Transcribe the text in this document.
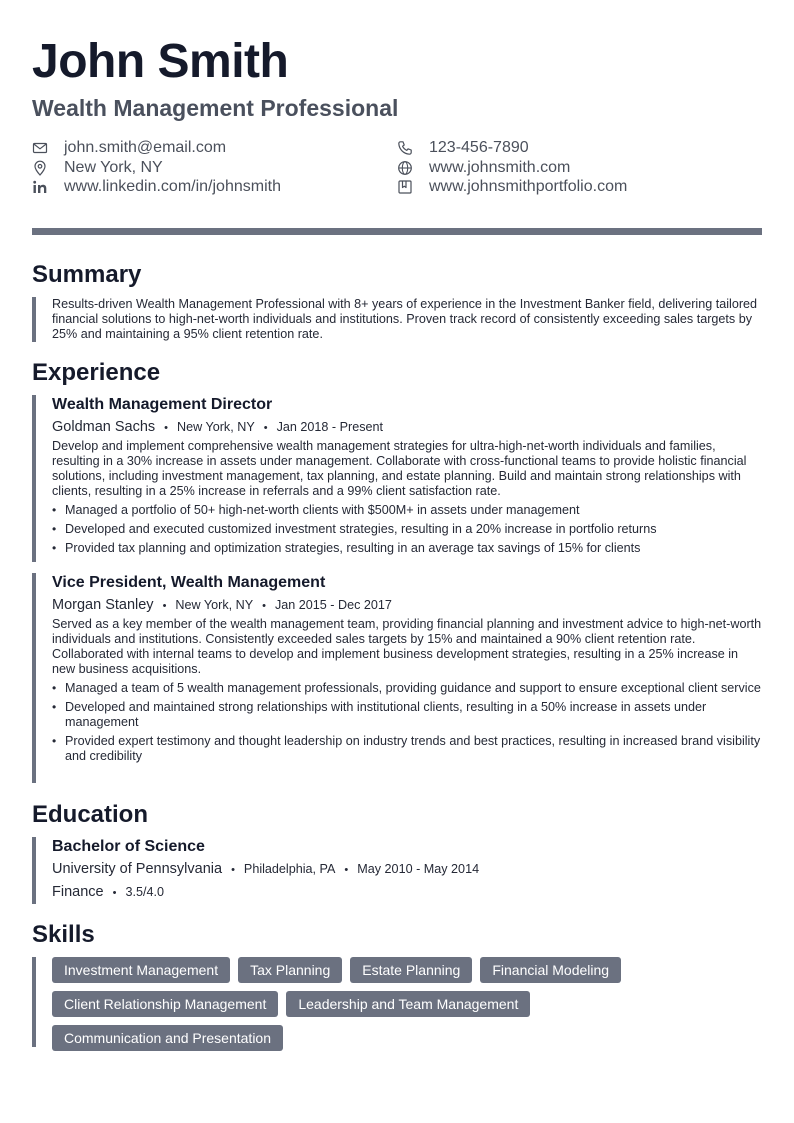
John Smith
Wealth Management Professional
john.smith@email.com
New York, NY
www.linkedin.com/in/johnsmith
123-456-7890
www.johnsmith.com
www.johnsmithportfolio.com
Summary
Results-driven Wealth Management Professional with 8+ years of experience in the Investment Banker field, delivering tailored financial solutions to high-net-worth individuals and institutions. Proven track record of consistently exceeding sales targets by 25% and maintaining a 95% client retention rate.
Experience
Wealth Management Director
Goldman Sachs • New York, NY • Jan 2018 - Present
Develop and implement comprehensive wealth management strategies for ultra-high-net-worth individuals and families, resulting in a 30% increase in assets under management. Collaborate with cross-functional teams to provide holistic financial solutions, including investment management, tax planning, and estate planning. Build and maintain strong relationships with clients, resulting in a 25% increase in referrals and a 99% client satisfaction rate.
• Managed a portfolio of 50+ high-net-worth clients with $500M+ in assets under management
• Developed and executed customized investment strategies, resulting in a 20% increase in portfolio returns
• Provided tax planning and optimization strategies, resulting in an average tax savings of 15% for clients
Vice President, Wealth Management
Morgan Stanley • New York, NY • Jan 2015 - Dec 2017
Served as a key member of the wealth management team, providing financial planning and investment advice to high-net-worth individuals and institutions. Consistently exceeded sales targets by 15% and maintained a 90% client retention rate. Collaborated with internal teams to develop and implement business development strategies, resulting in a 25% increase in new business acquisitions.
• Managed a team of 5 wealth management professionals, providing guidance and support to ensure exceptional client service
• Developed and maintained strong relationships with institutional clients, resulting in a 50% increase in assets under management
• Provided expert testimony and thought leadership on industry trends and best practices, resulting in increased brand visibility and credibility
Education
Bachelor of Science
University of Pennsylvania • Philadelphia, PA • May 2010 - May 2014
Finance • 3.5/4.0
Skills
Investment Management	Tax Planning	Estate Planning	Financial Modeling
Client Relationship Management	Leadership and Team Management
Communication and Presentation
